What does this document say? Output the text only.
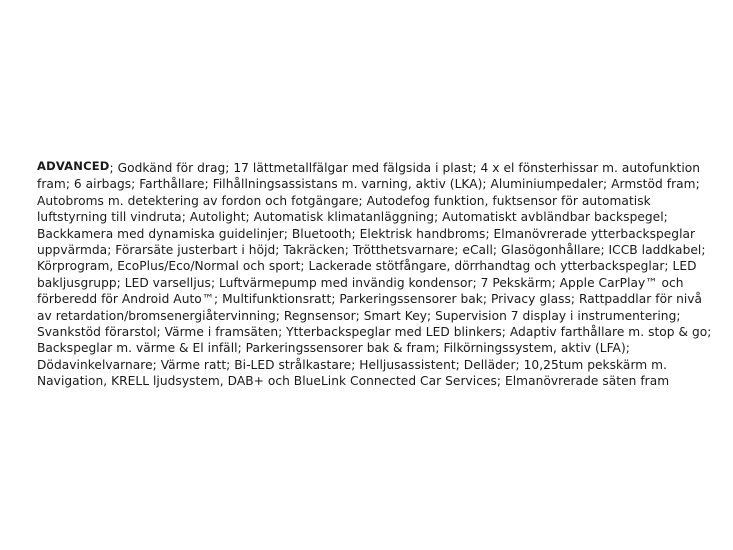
ADVANCED; Godkänd för drag; 17 lättmetallfälgar med fälgsida i plast; 4 x el fönsterhissar m. autofunktion fram; 6 airbags; Farthållare; Filhållningsassistans m. varning, aktiv (LKA); Aluminiumpedaler; Armstöd fram; Autobroms m. detektering av fordon och fotgängare; Autodefog funktion, fuktsensor för automatisk luftstyrning till vindruta; Autolight; Automatisk klimatanläggning; Automatiskt avbländbar backspegel; Backkamera med dynamiska guidelinjer; Bluetooth; Elektrisk handbroms; Elmanövrerade ytterbackspeglar uppvärmda; Förarsäte justerbart i höjd; Takräcken; Trötthetsvarnare; eCall; Glasögonhållare; ICCB laddkabel; Körprogram, EcoPlus/Eco/Normal och sport; Lackerade stötfångare, dörrhandtag och ytterbackspeglar; LED bakljusgrupp; LED varselljus; Luftvärmepump med invändig kondensor; 7 Pekskärm; Apple CarPlay™ och förberedd för Android Auto™; Multifunktionsratt; Parkeringssensorer bak; Privacy glass; Rattpaddlar för nivå av retardation/bromsenergiåtervinning; Regnsensor; Smart Key; Supervision 7 display i instrumentering; Svankstöd förarstol; Värme i framsäten; Ytterbackspeglar med LED blinkers; Adaptiv farthållare m. stop & go; Backspeglar m. värme & El infäll; Parkeringssensorer bak & fram; Filkörningssystem, aktiv (LFA); Dödavinkelvarnare; Värme ratt; Bi-LED strålkastare; Helljusassistent; Delläder; 10,25tum pekskärm m. Navigation, KRELL ljudsystem, DAB+ och BlueLink Connected Car Services; Elmanövrerade säten fram
